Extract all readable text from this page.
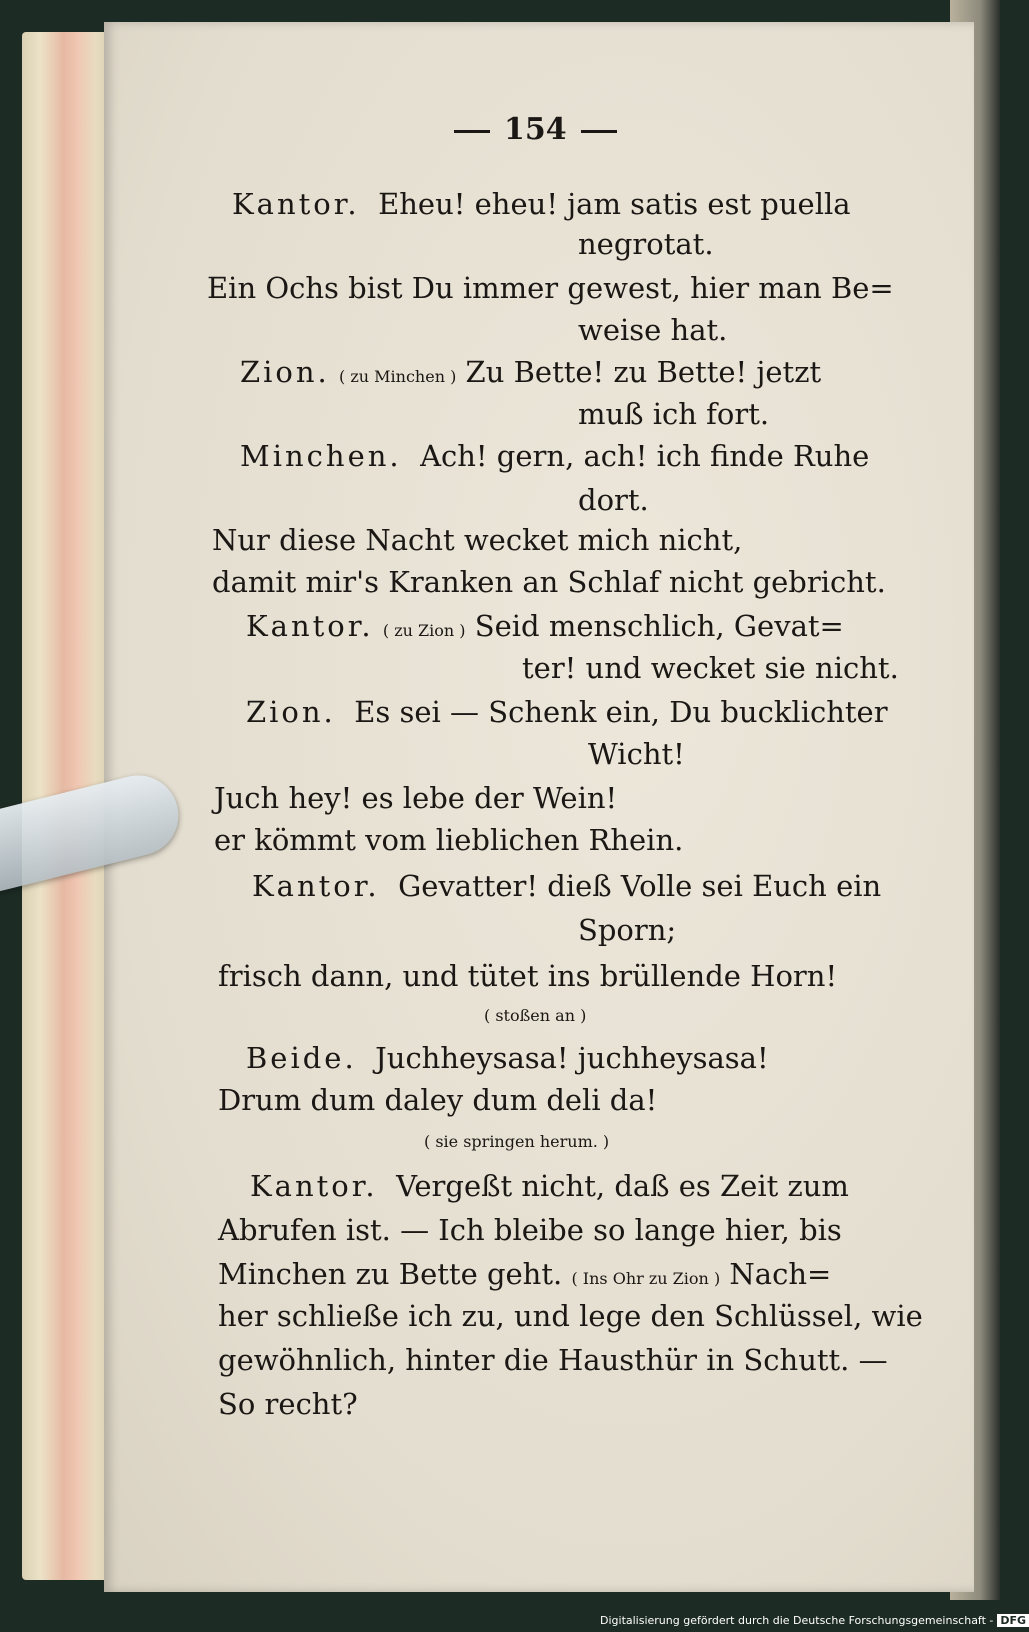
154
Kantor. Eheu! eheu! jam satis est puella
negrotat.
Ein Ochs bist Du immer gewest, hier man Be=
weise hat.
Zion. ( zu Minchen ) Zu Bette! zu Bette! jetzt
muß ich fort.
Minchen. Ach! gern, ach! ich finde Ruhe
dort.
Nur diese Nacht wecket mich nicht,
damit mir's Kranken an Schlaf nicht gebricht.
Kantor. ( zu Zion ) Seid menschlich, Gevat=
ter! und wecket sie nicht.
Zion. Es sei — Schenk ein, Du bucklichter
Wicht!
Juch hey! es lebe der Wein!
er kömmt vom lieblichen Rhein.
Kantor. Gevatter! dieß Volle sei Euch ein
Sporn;
frisch dann, und tütet ins brüllende Horn!
( stoßen an )
Beide. Juchheysasa! juchheysasa!
Drum dum daley dum deli da!
( sie springen herum. )
Kantor. Vergeßt nicht, daß es Zeit zum
Abrufen ist. — Ich bleibe so lange hier, bis
Minchen zu Bette geht. ( Ins Ohr zu Zion ) Nach=
her schließe ich zu, und lege den Schlüssel, wie
gewöhnlich, hinter die Hausthür in Schutt. —
So recht?
Digitalisierung gefördert durch die Deutsche Forschungsgemeinschaft - DFG
